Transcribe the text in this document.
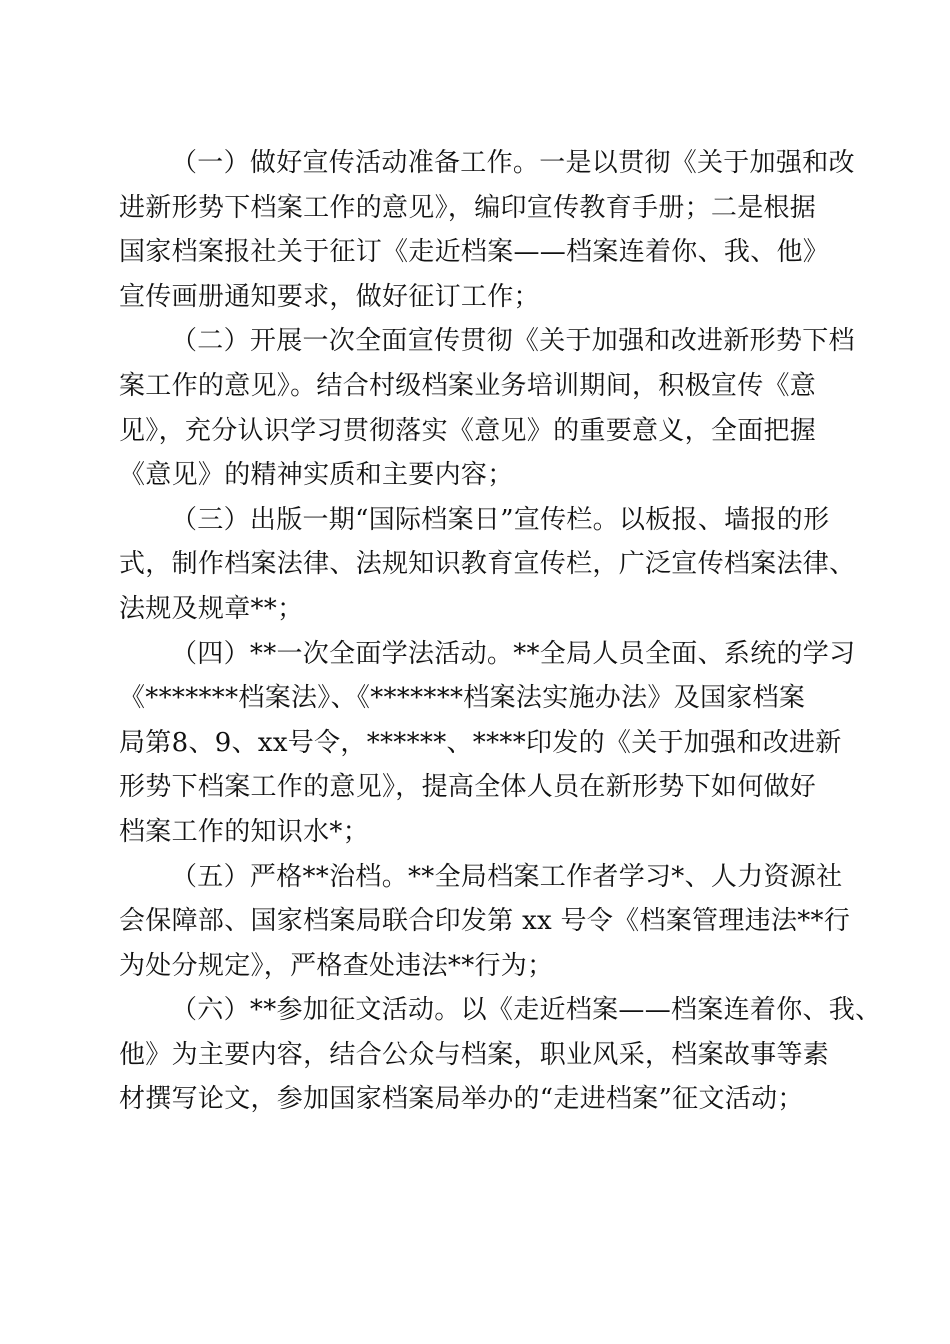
（一）做好宣传活动准备工作。一是以贯彻《关于加强和改
进新形势下档案工作的意见》，编印宣传教育手册；二是根据
国家档案报社关于征订《走近档案——档案连着你、我、他》
宣传画册通知要求，做好征订工作；
（二）开展一次全面宣传贯彻《关于加强和改进新形势下档
案工作的意见》。结合村级档案业务培训期间，积极宣传《意
见》，充分认识学习贯彻落实《意见》的重要意义，全面把握
《意见》的精神实质和主要内容；
（三）出版一期“国际档案日”宣传栏。以板报、墙报的形
式，制作档案法律、法规知识教育宣传栏，广泛宣传档案法律、
法规及规章**；
（四）**一次全面学法活动。**全局人员全面、系统的学习
《*******档案法》、《*******档案法实施办法》及国家档案
局第8、9、xx号令，******、****印发的《关于加强和改进新
形势下档案工作的意见》，提高全体人员在新形势下如何做好
档案工作的知识水*；
（五）严格**治档。**全局档案工作者学习*、人力资源社
会保障部、国家档案局联合印发第 xx 号令《档案管理违法**行
为处分规定》，严格查处违法**行为；
（六）**参加征文活动。以《走近档案——档案连着你、我、
他》为主要内容，结合公众与档案，职业风采，档案故事等素
材撰写论文，参加国家档案局举办的“走进档案”征文活动；
